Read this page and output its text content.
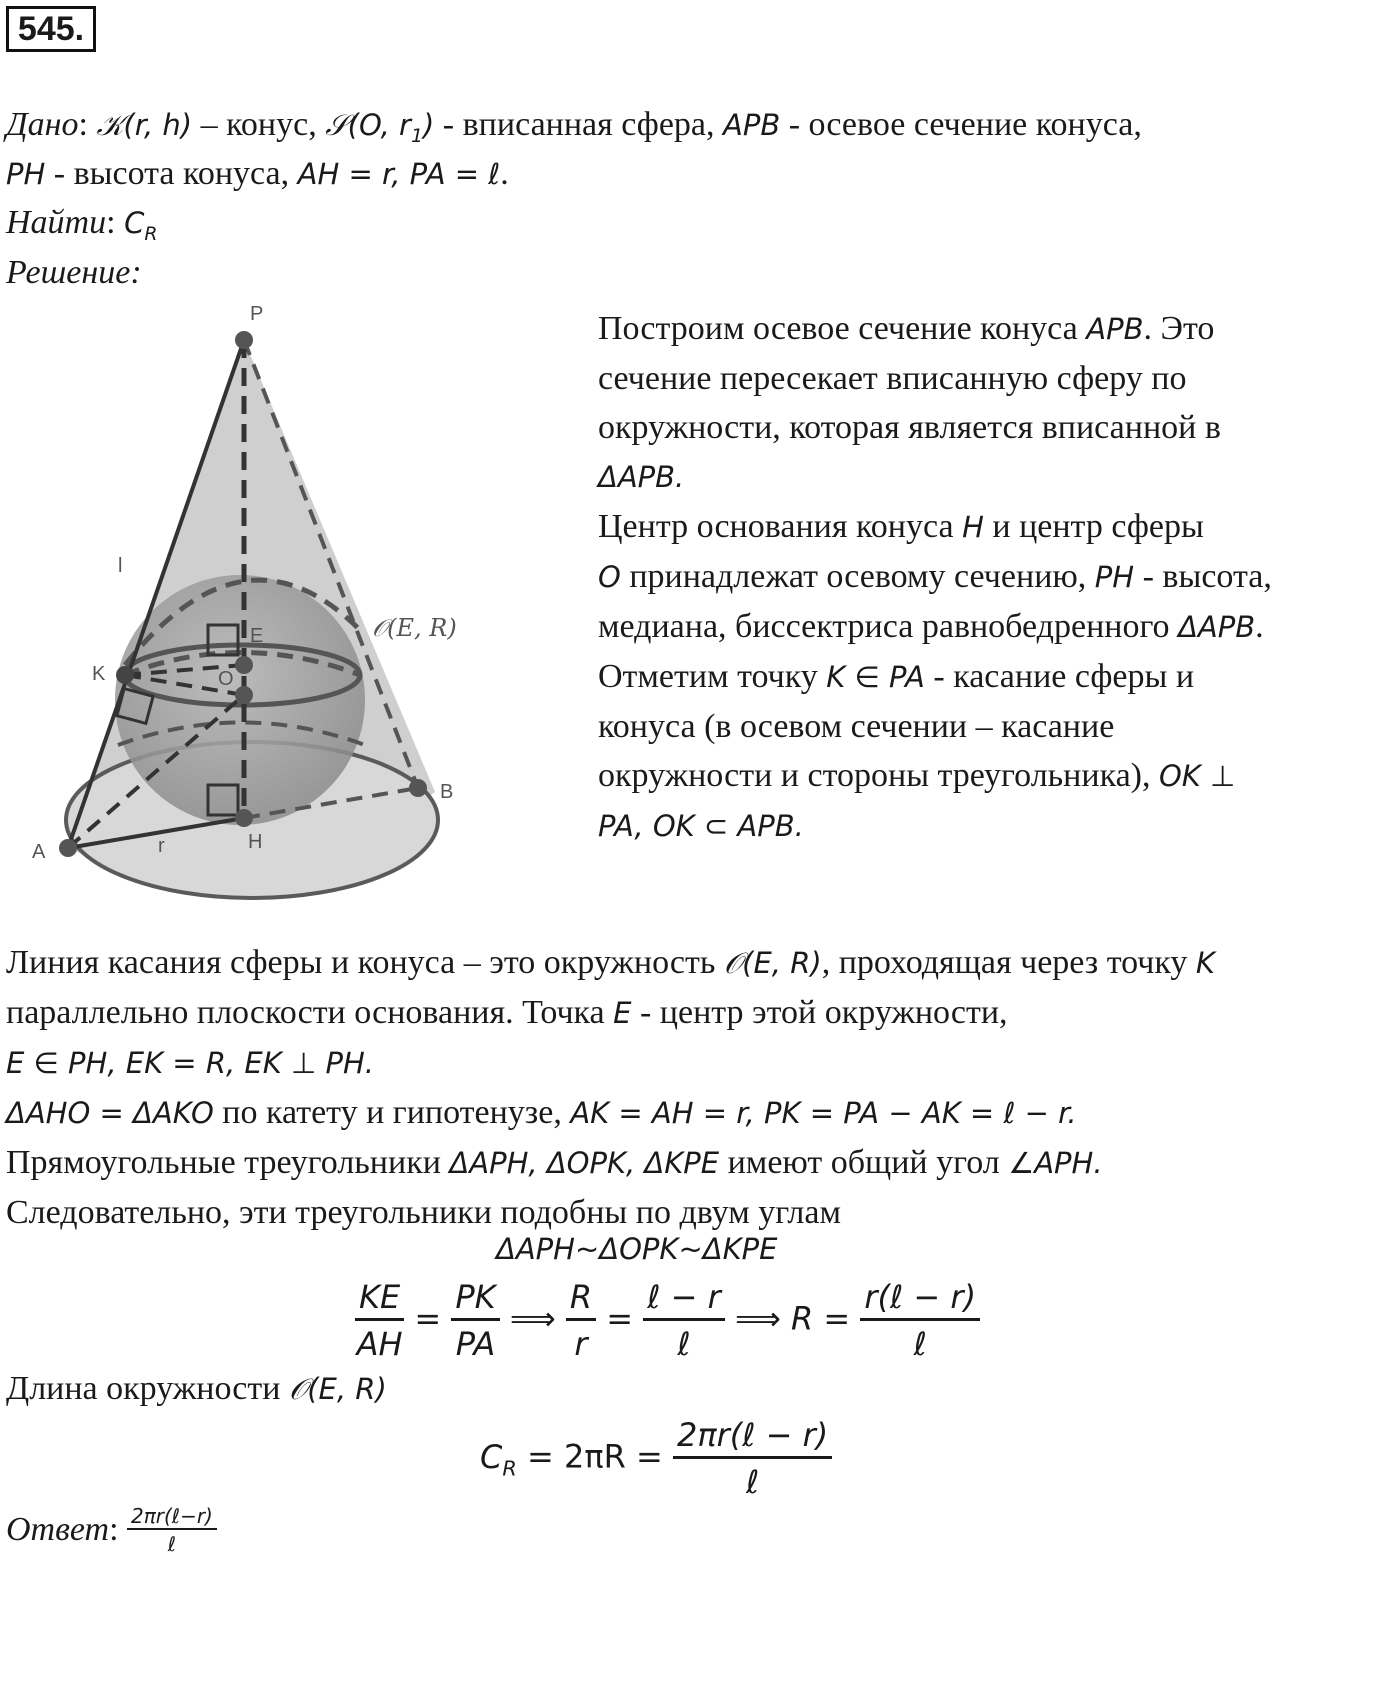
545.
Дано: 𝒦(r, h) – конус, 𝒮(O, $r_1$) - вписанная сфера, APB - осевое сечение конуса,
PH - высота конуса, AH = r, PA = ℓ.
Найти: $C_R$
Решение:
P
K
E
O
B
A	H
r
l
𝒪(E, R)
Построим осевое сечение конуса APB. Это
сечение пересекает вписанную сферу по
окружности, которая является вписанной в
ΔAPB.
Центр основания конуса H и центр сферы
O принадлежат осевому сечению, PH - высота,
медиана, биссектриса равнобедренного ΔAPB.
Отметим точку K ∈ PA - касание сферы и
конуса (в осевом сечении – касание
окружности и стороны треугольника), OK ⊥
PA, OK ⊂ APB.
Линия касания сферы и конуса – это окружность 𝒪(E, R), проходящая через точку K
параллельно плоскости основания. Точка E - центр этой окружности,
E ∈ PH, EK = R, EK ⊥ PH.
ΔAHO = ΔAKO по катету и гипотенузе, AK = AH = r, PK = PA − AK = ℓ − r.
Прямоугольные треугольники ΔAPH, ΔOPK, ΔKPE имеют общий угол ∠APH.
Следовательно, эти треугольники подобны по двум углам
ΔAPH~ΔOPK~ΔKPE
$\frac{KE}{AH} = \frac{PK}{PA}$ ⟹ $\frac{R}{r} = \frac{\text{ℓ − r}}{\text{ℓ}}$ ⟹ $R = \frac{\text{r(ℓ − r)}}{\text{ℓ}}$
Длина окружности 𝒪(E, R)
$C_R = 2\pi R = \frac{\text{2πr(ℓ − r)}}{\text{ℓ}}$
Ответ: $\frac{\text{2πr(ℓ−r)}}{\text{ℓ}}$
